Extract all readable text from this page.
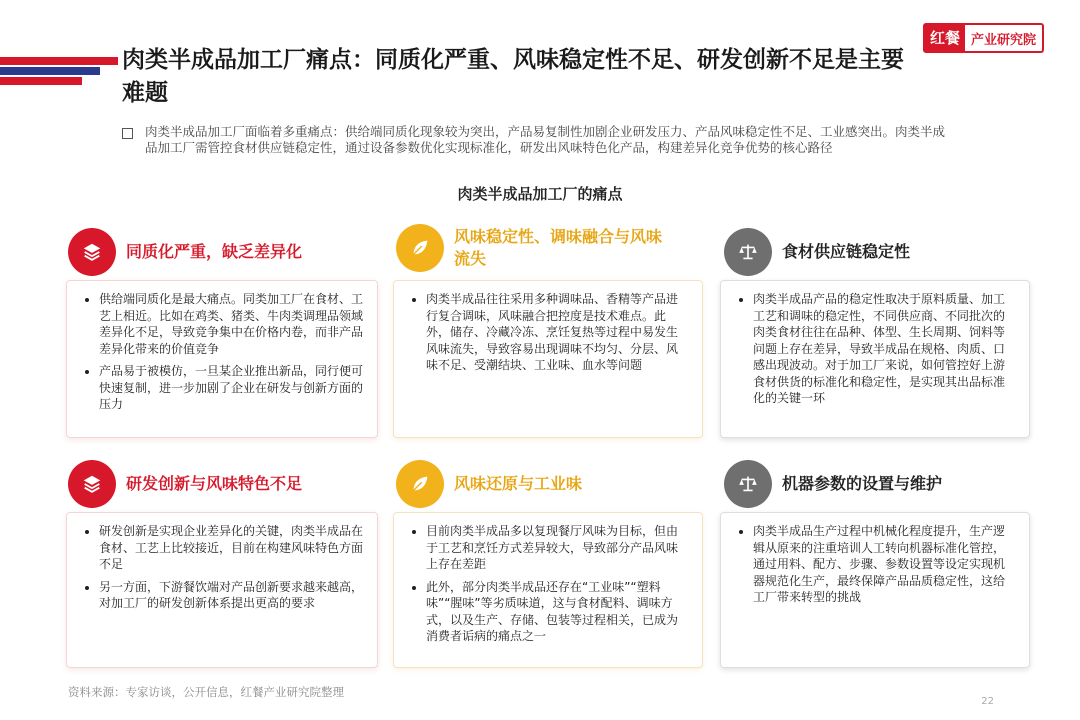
红餐 产业研究院
肉类半成品加工厂痛点：同质化严重、风味稳定性不足、研发创新不足是主要难题
肉类半成品加工厂面临着多重痛点：供给端同质化现象较为突出，产品易复制性加剧企业研发压力、产品风味稳定性不足、工业感突出。肉类半成品加工厂需管控食材供应链稳定性，通过设备参数优化实现标准化，研发出风味特色化产品，构建差异化竞争优势的核心路径
肉类半成品加工厂的痛点
同质化严重，缺乏差异化
• 供给端同质化是最大痛点。同类加工厂在食材、工艺上相近。比如在鸡类、猪类、牛肉类调理品领域差异化不足，导致竞争集中在价格内卷，而非产品差异化带来的价值竞争
• 产品易于被模仿，一旦某企业推出新品，同行便可快速复制，进一步加剧了企业在研发与创新方面的压力
风味稳定性、调味融合与风味流失
• 肉类半成品往往采用多种调味品、香精等产品进行复合调味，风味融合把控度是技术难点。此外，储存、冷藏冷冻、烹饪复热等过程中易发生风味流失，导致容易出现调味不均匀、分层、风味不足、受潮结块、工业味、血水等问题
食材供应链稳定性
• 肉类半成品产品的稳定性取决于原料质量、加工工艺和调味的稳定性，不同供应商、不同批次的肉类食材往往在品种、体型、生长周期、饲料等问题上存在差异，导致半成品在规格、肉质、口感出现波动。对于加工厂来说，如何管控好上游食材供货的标准化和稳定性，是实现其出品标准化的关键一环
研发创新与风味特色不足
• 研发创新是实现企业差异化的关键，肉类半成品在食材、工艺上比较接近，目前在构建风味特色方面不足
• 另一方面，下游餐饮端对产品创新要求越来越高，对加工厂的研发创新体系提出更高的要求
风味还原与工业味
• 目前肉类半成品多以复现餐厅风味为目标，但由于工艺和烹饪方式差异较大，导致部分产品风味上存在差距
• 此外，部分肉类半成品还存在“工业味”“塑料味”“腥味”等劣质味道，这与食材配料、调味方式，以及生产、存储、包装等过程相关，已成为消费者诟病的痛点之一
机器参数的设置与维护
• 肉类半成品生产过程中机械化程度提升，生产逻辑从原来的注重培训人工转向机器标准化管控，通过用料、配方、步骤、参数设置等设定实现机器规范化生产，最终保障产品品质稳定性，这给工厂带来转型的挑战
资料来源：专家访谈，公开信息，红餐产业研究院整理
22
